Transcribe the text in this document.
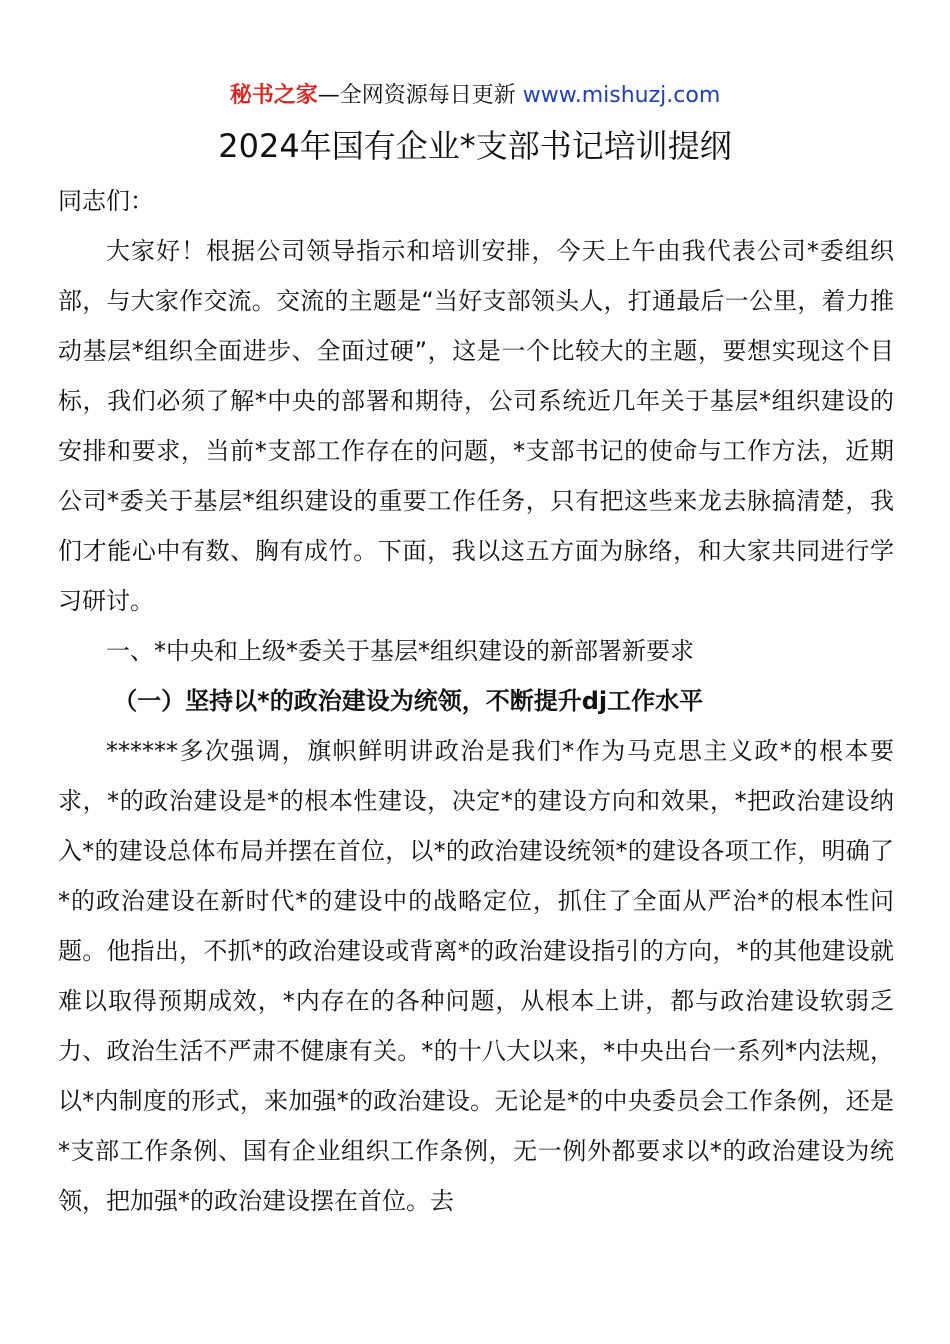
秘书之家—全网资源每日更新 www.mishuzj.com
2024年国有企业*支部书记培训提纲

同志们：

大家好！根据公司领导指示和培训安排，今天上午由我代表公司*委组织部，与大家作交流。交流的主题是“当好支部领头人，打通最后一公里，着力推动基层*组织全面进步、全面过硬”，这是一个比较大的主题，要想实现这个目标，我们必须了解*中央的部署和期待，公司系统近几年关于基层*组织建设的安排和要求，当前*支部工作存在的问题，*支部书记的使命与工作方法，近期公司*委关于基层*组织建设的重要工作任务，只有把这些来龙去脉搞清楚，我们才能心中有数、胸有成竹。下面，我以这五方面为脉络，和大家共同进行学习研讨。

一、*中央和上级*委关于基层*组织建设的新部署新要求

（一）坚持以*的政治建设为统领，不断提升dj工作水平

******多次强调，旗帜鲜明讲政治是我们*作为马克思主义政*的根本要求，*的政治建设是*的根本性建设，决定*的建设方向和效果，*把政治建设纳入*的建设总体布局并摆在首位，以*的政治建设统领*的建设各项工作，明确了*的政治建设在新时代*的建设中的战略定位，抓住了全面从严治*的根本性问题。他指出，不抓*的政治建设或背离*的政治建设指引的方向，*的其他建设就难以取得预期成效，*内存在的各种问题，从根本上讲，都与政治建设软弱乏力、政治生活不严肃不健康有关。*的十八大以来，*中央出台一系列*内法规，以*内制度的形式，来加强*的政治建设。无论是*的中央委员会工作条例，还是*支部工作条例、国有企业组织工作条例，无一例外都要求以*的政治建设为统领，把加强*的政治建设摆在首位。去
